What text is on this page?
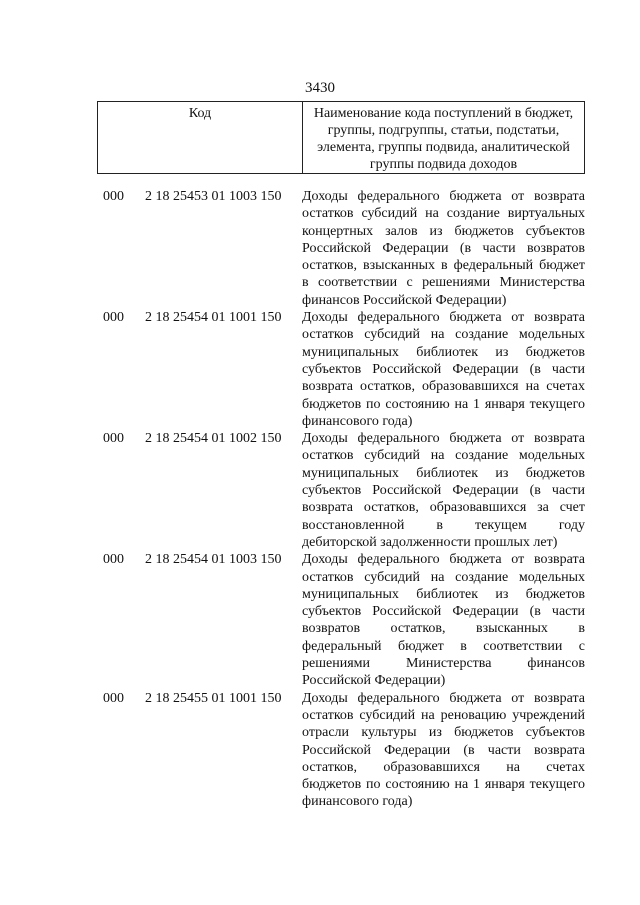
3430
Код	Наименование кода поступлений в бюджет, группы, подгруппы, статьи, подстатьи, элемента, группы подвида, аналитической группы подвида доходов
000 2 18 25453 01 1003 150 Доходы федерального бюджета от возврата
остатков субсидий на создание виртуальных
концертных залов из бюджетов субъектов
Российской Федерации (в части возвратов
остатков, взысканных в федеральный бюджет
в соответствии с решениями Министерства
финансов Российской Федерации)
000 2 18 25454 01 1001 150 Доходы федерального бюджета от возврата
остатков субсидий на создание модельных
муниципальных библиотек из бюджетов
субъектов Российской Федерации (в части
возврата остатков, образовавшихся на счетах
бюджетов по состоянию на 1 января текущего
финансового года)
000 2 18 25454 01 1002 150 Доходы федерального бюджета от возврата
остатков субсидий на создание модельных
муниципальных библиотек из бюджетов
субъектов Российской Федерации (в части
возврата остатков, образовавшихся за счет
восстановленной в текущем году
дебиторской задолженности прошлых лет)
000 2 18 25454 01 1003 150 Доходы федерального бюджета от возврата
остатков субсидий на создание модельных
муниципальных библиотек из бюджетов
субъектов Российской Федерации (в части
возвратов остатков, взысканных в
федеральный бюджет в соответствии с
решениями Министерства финансов
Российской Федерации)
000 2 18 25455 01 1001 150 Доходы федерального бюджета от возврата
остатков субсидий на реновацию учреждений
отрасли культуры из бюджетов субъектов
Российской Федерации (в части возврата
остатков, образовавшихся на счетах
бюджетов по состоянию на 1 января текущего
финансового года)
